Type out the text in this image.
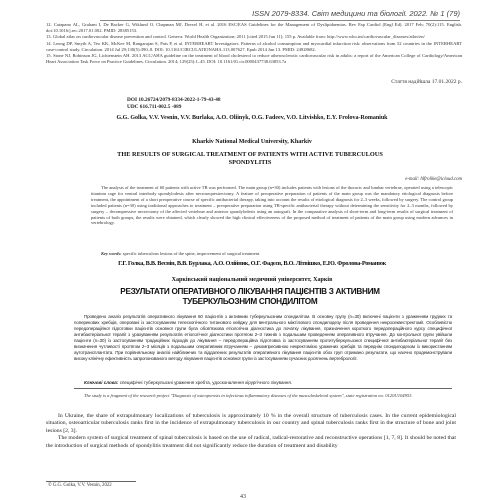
ISSN 2079-8334. Світ медицини та біології. 2022. № 1 (79)

12. Catapano AL, Graham I, De Backer G, Wiklund O, Chapman MJ, Drexel H, et al. 2016 ESC/EAS Guidelines for the Management of Dyslipidaemias. Rev Esp Cardiol (Engl Ed). 2017 Feb; 70(2):115. English. doi:10.1016/j.rec.2017.01.002. PMID: 28385153.

13. Global atlas on cardiovascular disease prevention and control. Geneva: World Health Organization; 2011 [cited 2015 Jun 11]; 155 p. Available from: http://www.who.int/cardiovascular_diseases/atlas/en/

14. Leong DP, Smyth A, Teo KK, McKee M, Rangarajan S, Pais P, et al. INTERHEART Investigators. Patterns of alcohol consumption and myocardial infarction risk: observations from 52 countries in the INTERHEART case-control study. Circulation. 2014 Jul 29;130(5):390–8. DOI: 10.1161/CIRCULATIONAHA.113.007627. Epub 2014 Jun 13. PMID: 24928682.

15. Stone NJ, Robinson JG, Lichtenstein AH. 2013 ACC/AHA guideline on the treatment of blood cholesterol to reduce atherosclerotic cardiovascular risk in adults: a report of the American College of Cardiology/American Heart Association Task Force on Practice Guidelines. Circulation. 2014; 129(25):1–45. DOI: 10.1161/01.cir.0000437738.63853.7a

Стаття надійшла 17.01.2022 р.
DOI 10.26724/2079-8334-2022-1-79-43-48
UDC 616.711-002.5 -089
G.G. Golka, V.V. Vesnin, V.V. Burlaka, A.O. Oliinyk, O.G. Fadeev, V.O. Litvishko, E.Y. Frolova-Romaniuk
Kharkiv National Medical University, Kharkiv
THE RESULTS OF SURGICAL TREATMENT OF PATIENTS WITH ACTIVE TUBERCULOUS SPONDYLITIS
e-mail: hlfrolike@icloud.com

The analysis of the treatment of 60 patients with active TB was performed. The main group (n=30) includes patients with lesions of the thoracic and lumbar vertebrae, operated using a telescopic titanium cage for ventral interbody spondylodesis after necrosequestrectomy. A feature of preoperative preparation of patients of the main group was the mandatory etiological diagnosis before treatment, the appointment of a short preoperative course of specific antibacterial therapy, taking into account the results of etiological diagnosis for 2–3 weeks, followed by surgery. The control group included patients (n=30) using traditional approaches to treatment – preoperative preparation using TB-specific antibacterial therapy without determining the sensitivity for 2–3 months, followed by surgery – decompressive necrectomy of the affected vertebrae and anterior spondylodesis using an autograft. In the comparative analysis of short-term and long-term results of surgical treatment of patients of both groups, the results were obtained, which clearly showed the high clinical effectiveness of the proposed method of treatment of patients of the main group using modern advances in vertebrology.

Key words: specific tuberculous lesions of the spine, improvement of surgical treatment.
Г.Г. Голка, В.В. Веснін, В.В. Бурлака, А.О. Олійник, О.Г. Фадєєв, В.О. Літвішко, Е.Ю. Фролова-Романюк
Харківський національний медичний університет, Харків
РЕЗУЛЬТАТИ ОПЕРАТИВНОГО ЛІКУВАННЯ ПАЦІЄНТІВ З АКТИВНИМ ТУБЕРКУЛЬОЗНИМ СПОНДИЛІТОМ

Проведено аналіз результатів оперативного лікування 60 пацієнтів з активним туберкульозним спондилітом. В основну групу (n=30) включені пацієнти з ураженням грудних та поперекових хребців, оперовані із застосуванням телескопічного титанового кейджу для вентрального міжтілового спондилодезу після проведення некросеквестректомії. Особливістю передопераційної підготовки пацієнтів основної групи була обов'язкова етіологічна діагностика до початку лікування, призначення короткого передопераційного курсу специфічної антибактеріальної терапії з урахуванням результатів етіологічної діагностики протягом 2–3 тижнів з подальшим проведенням оперативного втручання. До контрольної групи увійшли пацієнти (n=30) із застосуванням традиційних підходів до лікування – передопераційна підготовка із застосуванням протитуберкульозної специфічної антибактеріальної терапії без визначення чутливості протягом 2–3 місяців з подальшим оперативним втручанням – декомпресивною некректомією уражених хребців та переднім спондилодезом із використанням аутотрансплантата. При порівняльному аналізі найближчих та віддалених результатів оперативного лікування пацієнтів обох груп отримано результати, що наочно продемонстрували високу клінічну ефективність запропонованого методу лікування пацієнтів основної групи із застосуванням сучасних досягнень вертебрології.

Ключові слова: специфічні туберкульозні ураження хребта, удосконалення хірургічного лікування.
The study is a fragment of the research project "Diagnosis of osteoporosis in infectious inflammatory diseases of the musculoskeletal system", state registration no. 0120U104953.

In Ukraine, the share of extrapulmonary localizations of tuberculosis is approximately 10 % in the overall structure of tuberculosis cases. In the current epidemiological situation, osteoarticular tuberculosis ranks first in the incidence of extrapulmonary tuberculosis in our country and spinal tuberculosis ranks first in the structure of bone and joint lesions [2, 3].

The modern system of surgical treatment of spinal tuberculosis is based on the use of radical, radical-restorative and reconstructive operations [1, 7, 8]. It should be noted that the introduction of surgical methods of spondylitis treatment did not significantly reduce the duration of treatment and disability

© G.G. Golka, V.V. Vesnin, 2022
43
